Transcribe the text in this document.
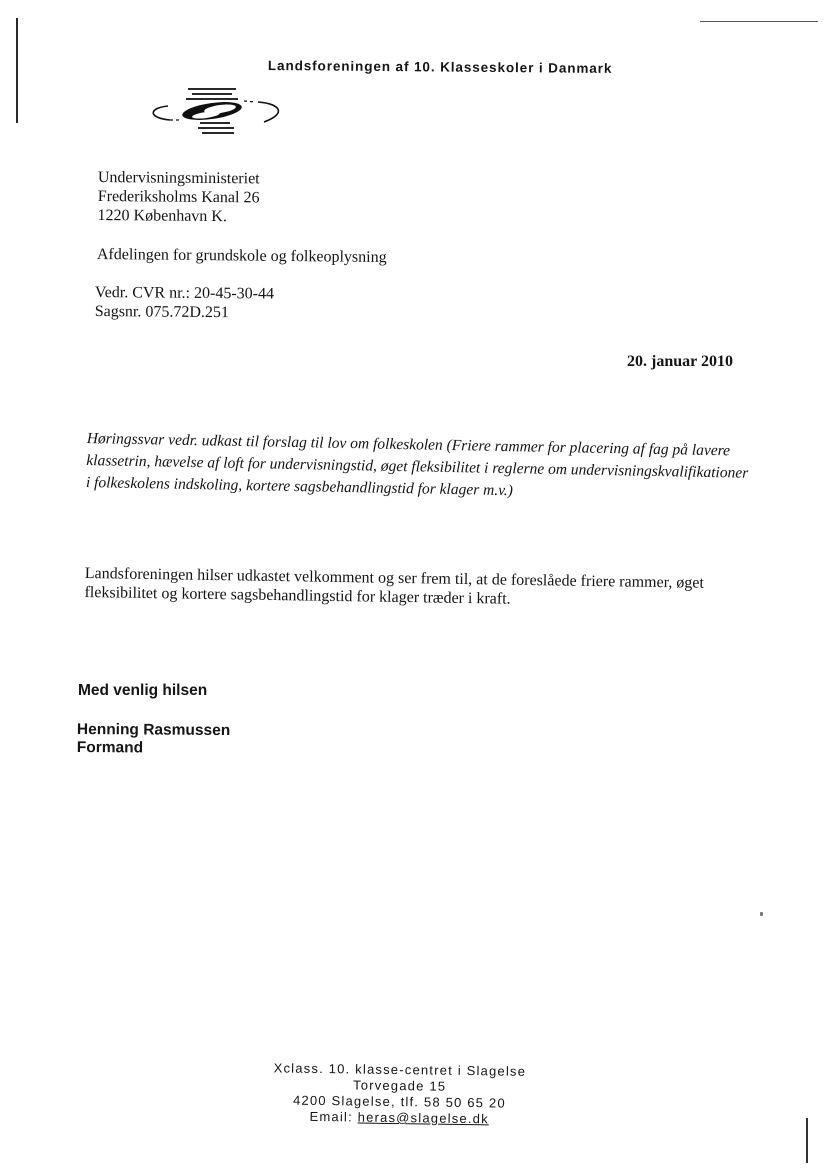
Landsforeningen af 10. Klasseskoler i Danmark
Undervisningsministeriet
Frederiksholms Kanal 26
1220 København K.
Afdelingen for grundskole og folkeoplysning
Vedr. CVR nr.: 20-45-30-44
Sagsnr. 075.72D.251
20. januar 2010
Høringssvar vedr. udkast til forslag til lov om folkeskolen (Friere rammer for placering af fag på lavere klassetrin, hævelse af loft for undervisningstid, øget fleksibilitet i reglerne om undervisningskvalifikationer i folkeskolens indskoling, kortere sagsbehandlingstid for klager m.v.)
Landsforeningen hilser udkastet velkomment og ser frem til, at de foreslåede friere rammer, øget fleksibilitet og kortere sagsbehandlingstid for klager træder i kraft.
Med venlig hilsen
Henning Rasmussen
Formand
Xclass. 10. klasse-centret i Slagelse
Torvegade 15
4200 Slagelse, tlf. 58 50 65 20
Email: heras@slagelse.dk
